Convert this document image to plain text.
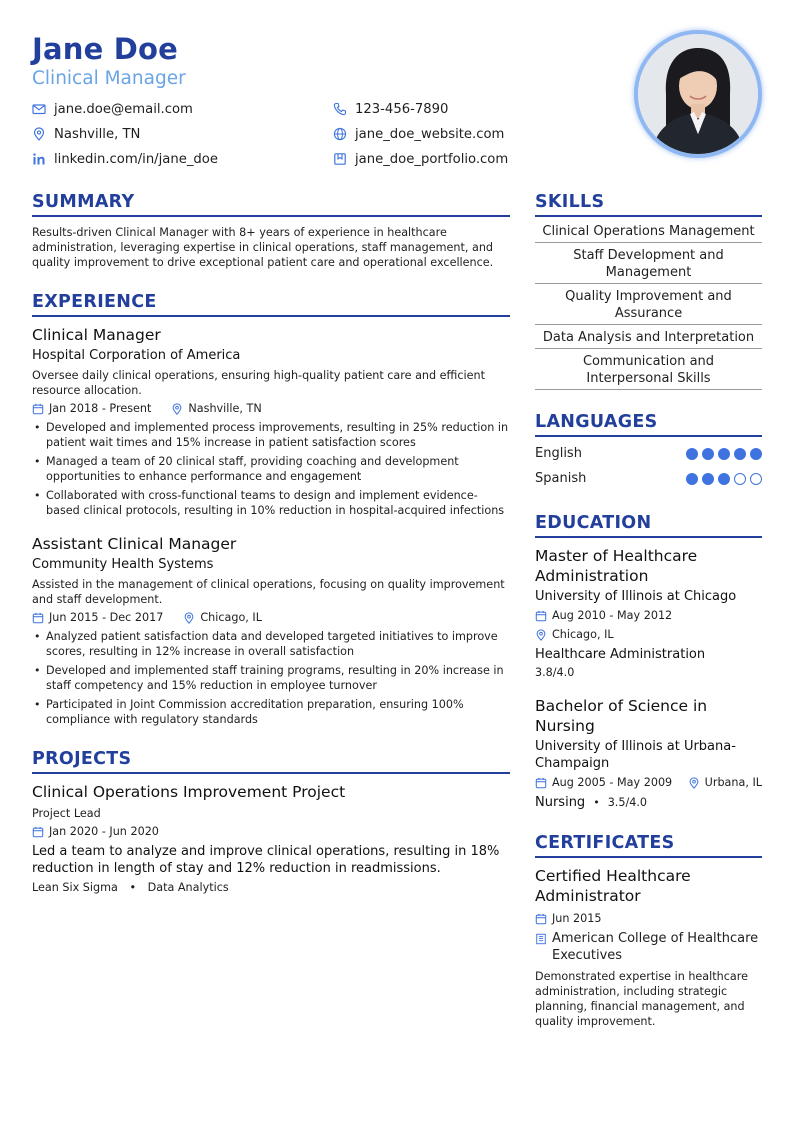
Jane Doe
Clinical Manager
jane.doe@email.com	123-456-7890
Nashville, TN	jane_doe_website.com
linkedin.com/in/jane_doe	jane_doe_portfolio.com
SUMMARY

Results-driven Clinical Manager with 8+ years of experience in healthcare administration, leveraging expertise in clinical operations, staff management, and quality improvement to drive exceptional patient care and operational excellence.

EXPERIENCE
Clinical Manager
Hospital Corporation of America

Oversee daily clinical operations, ensuring high-quality patient care and efficient resource allocation.

Jan 2018 - Present	Nashville, TN
• Developed and implemented process improvements, resulting in 25% reduction in patient wait times and 15% increase in patient satisfaction scores
• Managed a team of 20 clinical staff, providing coaching and development opportunities to enhance performance and engagement
• Collaborated with cross-functional teams to design and implement evidence-based clinical protocols, resulting in 10% reduction in hospital-acquired infections
Assistant Clinical Manager
Community Health Systems

Assisted in the management of clinical operations, focusing on quality improvement and staff development.

Jun 2015 - Dec 2017	Chicago, IL
• Analyzed patient satisfaction data and developed targeted initiatives to improve scores, resulting in 12% increase in overall satisfaction
• Developed and implemented staff training programs, resulting in 20% increase in staff competency and 15% reduction in employee turnover
• Participated in Joint Commission accreditation preparation, ensuring 100% compliance with regulatory standards
PROJECTS
Clinical Operations Improvement Project
Project Lead
Jan 2020 - Jun 2020

Led a team to analyze and improve clinical operations, resulting in 18% reduction in length of stay and 12% reduction in readmissions.

Lean Six Sigma • Data Analytics
SKILLS
Clinical Operations Management
Staff Development and Management
Quality Improvement and Assurance
Data Analysis and Interpretation
Communication and Interpersonal Skills
LANGUAGES
English
Spanish
EDUCATION
Master of Healthcare Administration
University of Illinois at Chicago
Aug 2010 - May 2012
Chicago, IL
Healthcare Administration
3.8/4.0
Bachelor of Science in Nursing
University of Illinois at Urbana-Champaign
Aug 2005 - May 2009	Urbana, IL
Nursing • 3.5/4.0
CERTIFICATES
Certified Healthcare Administrator
Jun 2015
American College of Healthcare Executives

Demonstrated expertise in healthcare administration, including strategic planning, financial management, and quality improvement.
